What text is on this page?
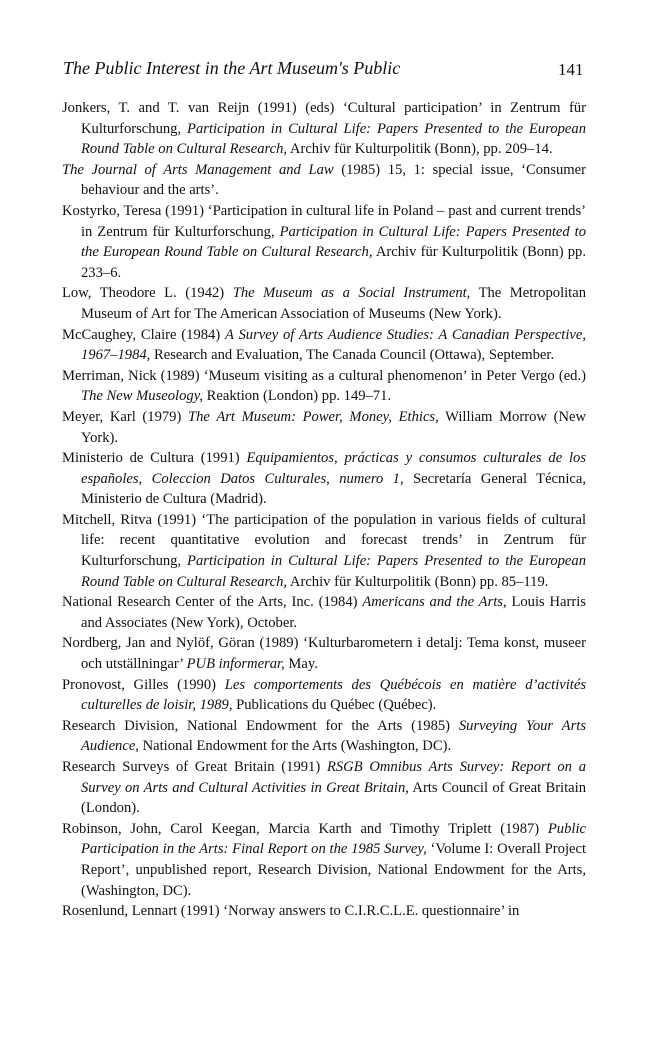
The Public Interest in the Art Museum's Public	141
Jonkers, T. and T. van Reijn (1991) (eds) ‘Cultural participation’ in Zentrum für Kulturforschung, Participation in Cultural Life: Papers Presented to the European Round Table on Cultural Research, Archiv für Kulturpolitik (Bonn), pp. 209–14.
The Journal of Arts Management and Law (1985) 15, 1: special issue, ‘Consumer behaviour and the arts’.
Kostyrko, Teresa (1991) ‘Participation in cultural life in Poland – past and current trends’ in Zentrum für Kulturforschung, Participation in Cultural Life: Papers Presented to the European Round Table on Cultural Research, Archiv für Kulturpolitik (Bonn) pp. 233–6.
Low, Theodore L. (1942) The Museum as a Social Instrument, The Metropolitan Museum of Art for The American Association of Museums (New York).
McCaughey, Claire (1984) A Survey of Arts Audience Studies: A Canadian Perspective, 1967–1984, Research and Evaluation, The Canada Council (Ottawa), September.
Merriman, Nick (1989) ‘Museum visiting as a cultural phenomenon’ in Peter Vergo (ed.) The New Museology, Reaktion (London) pp. 149–71.
Meyer, Karl (1979) The Art Museum: Power, Money, Ethics, William Morrow (New York).
Ministerio de Cultura (1991) Equipamientos, prácticas y consumos culturales de los españoles, Coleccion Datos Culturales, numero 1, Secretaría General Técnica, Ministerio de Cultura (Madrid).
Mitchell, Ritva (1991) ‘The participation of the population in various fields of cultural life: recent quantitative evolution and forecast trends’ in Zentrum für Kulturforschung, Participation in Cultural Life: Papers Presented to the European Round Table on Cultural Research, Archiv für Kulturpolitik (Bonn) pp. 85–119.
National Research Center of the Arts, Inc. (1984) Americans and the Arts, Louis Harris and Associates (New York), October.
Nordberg, Jan and Nylöf, Göran (1989) ‘Kulturbarometern i detalj: Tema konst, museer och utställningar’ PUB informerar, May.
Pronovost, Gilles (1990) Les comportements des Québécois en matière d’activités culturelles de loisir, 1989, Publications du Québec (Québec).
Research Division, National Endowment for the Arts (1985) Surveying Your Arts Audience, National Endowment for the Arts (Washington, DC).
Research Surveys of Great Britain (1991) RSGB Omnibus Arts Survey: Report on a Survey on Arts and Cultural Activities in Great Britain, Arts Council of Great Britain (London).
Robinson, John, Carol Keegan, Marcia Karth and Timothy Triplett (1987) Public Participation in the Arts: Final Report on the 1985 Survey, ‘Volume I: Overall Project Report’, unpublished report, Research Division, National Endowment for the Arts, (Washington, DC).
Rosenlund, Lennart (1991) ‘Norway answers to C.I.R.C.L.E. questionnaire’ in
